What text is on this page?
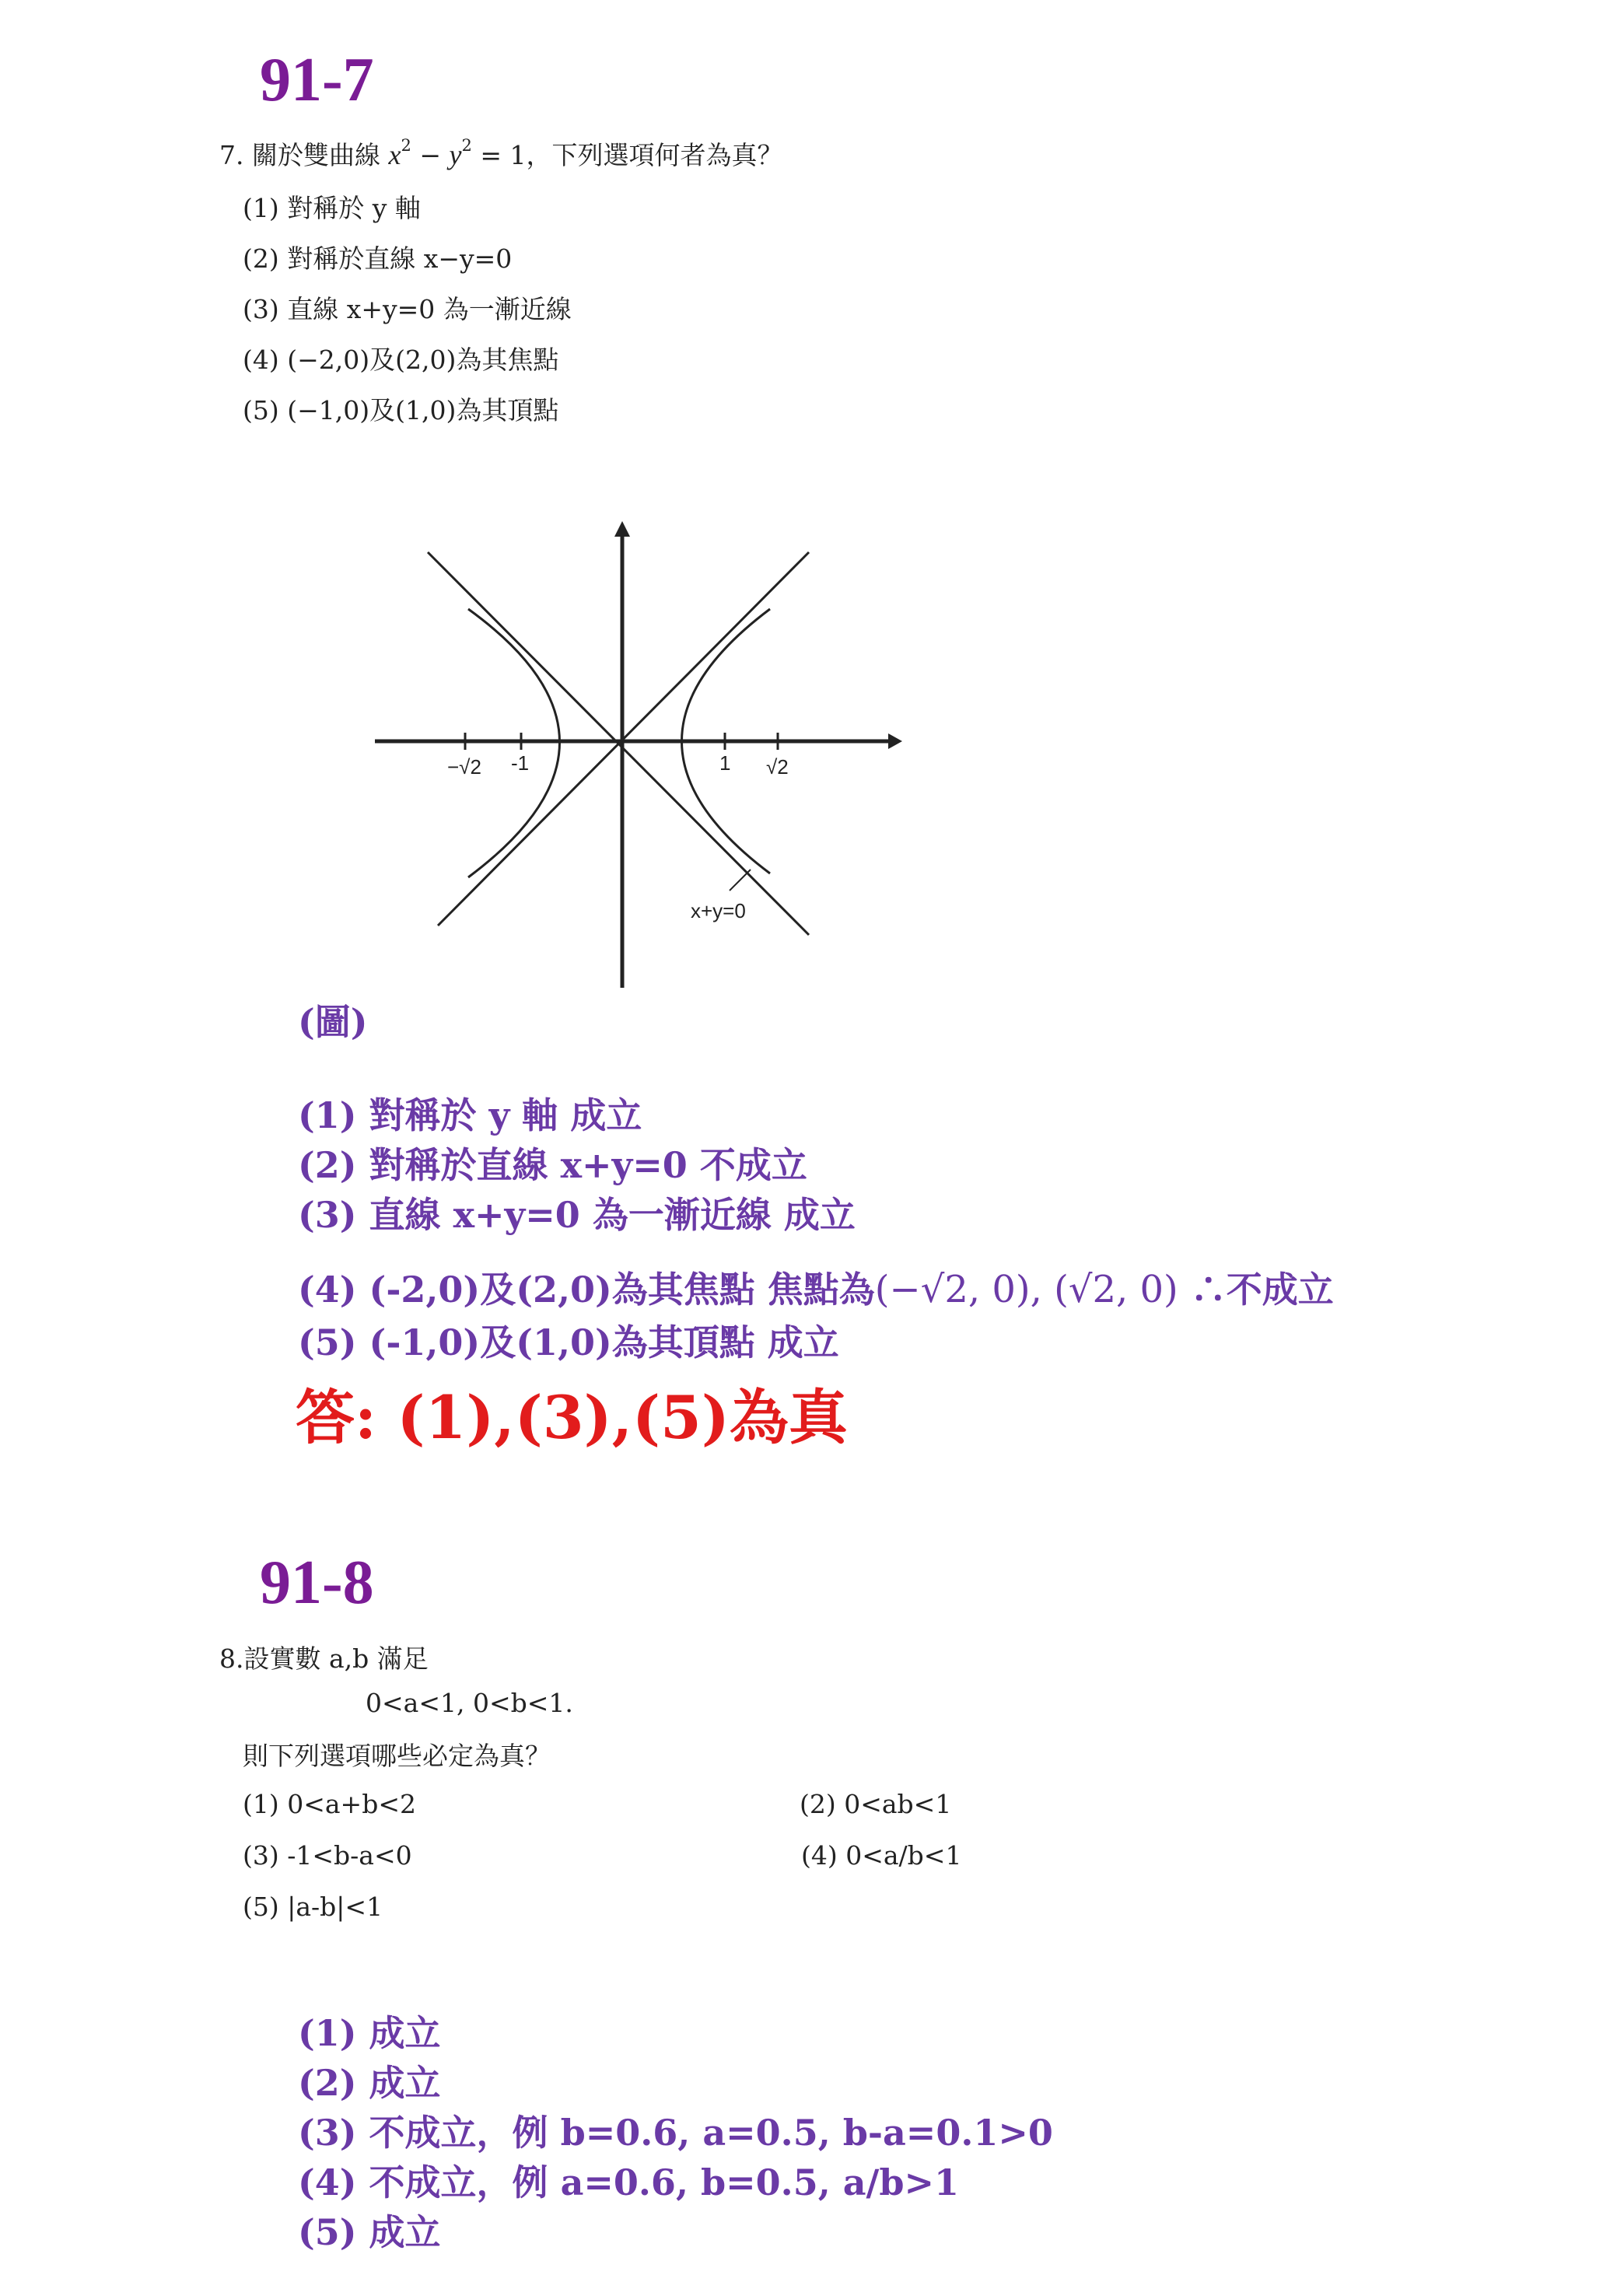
91-7
7. 關於雙曲線 $x^2 - y^2 = 1$，下列選項何者為真？
(1) 對稱於 y 軸
(2) 對稱於直線 x−y=0
(3) 直線 x+y=0 為一漸近線
(4) (−2,0)及(2,0)為其焦點
(5) (−1,0)及(1,0)為其頂點
−√2 -1	1 √2
x+y=0
(圖)
(1) 對稱於 y 軸 成立
(2) 對稱於直線 x+y=0 不成立
(3) 直線 x+y=0 為一漸近線 成立
(4) (-2,0)及(2,0)為其焦點 焦點為(−√2, 0), (√2, 0) ∴不成立
(5) (-1,0)及(1,0)為其頂點 成立
答: (1),(3),(5)為真
91-8
8.設實數 a,b 滿足
0<a<1, 0<b<1.
則下列選項哪些必定為真？
(1) 0<a+b<2	(2) 0<ab<1
(3) -1<b-a<0	(4) 0<a/b<1
(5) |a-b|<1
(1) 成立
(2) 成立
(3) 不成立，例 b=0.6, a=0.5, b-a=0.1>0
(4) 不成立，例 a=0.6, b=0.5, a/b>1
(5) 成立
